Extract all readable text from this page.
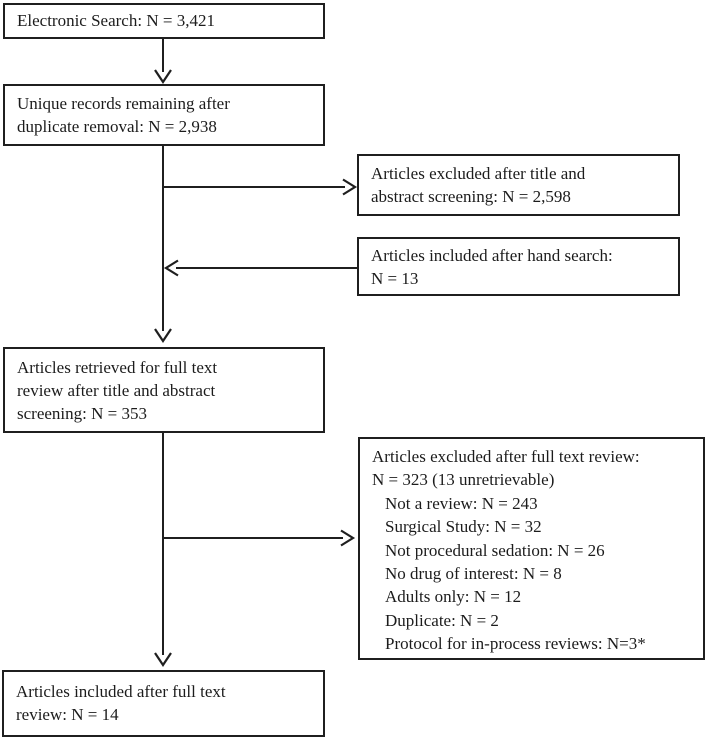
Electronic Search: N = 3,421
Unique records remaining after
duplicate removal: N = 2,938
Articles excluded after title and
abstract screening: N = 2,598
Articles included after hand search:
N = 13
Articles retrieved for full text
review after title and abstract
screening: N = 353
Articles excluded after full text review:
N = 323 (13 unretrievable)
Not a review: N = 243
Surgical Study: N = 32
Not procedural sedation: N = 26
No drug of interest: N = 8
Adults only: N = 12
Duplicate: N = 2
Protocol for in-process reviews: N=3*
Articles included after full text
review: N = 14
